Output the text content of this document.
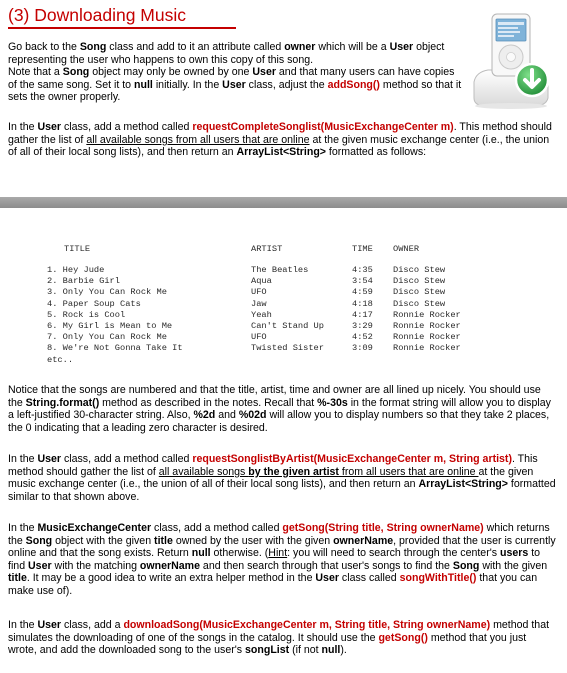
(3) Downloading Music

Go back to the Song class and add to it an attribute called owner which will be a User object representing the user who happens to own this copy of this song.
Note that a Song object may only be owned by one User and that many users can have copies of the same song. Set it to null initially. In the User class, adjust the addSong() method so that it sets the owner properly.

In the User class, add a method called requestCompleteSonglist(MusicExchangeCenter m). This method should gather the list of all available songs from all users that are online at the given music exchange center (i.e., the union of all of their local song lists), and then return an ArrayList<String> formatted as follows:

TITLE	ARTIST	TIME OWNER
1. Hey Jude	The Beatles	4:35 Disco Stew
2. Barbie Girl	Aqua	3:54 Disco Stew
3. Only You Can Rock Me	UFO	4:59 Disco Stew
4. Paper Soup Cats	Jaw	4:18 Disco Stew
5. Rock is Cool	Yeah	4:17 Ronnie Rocker
6. My Girl is Mean to Me	Can't Stand Up	3:29 Ronnie Rocker
7. Only You Can Rock Me	UFO	4:52 Ronnie Rocker
8. We're Not Gonna Take It	Twisted Sister	3:09 Ronnie Rocker
etc..

Notice that the songs are numbered and that the title, artist, time and owner are all lined up nicely. You should use the String.format() method as described in the notes. Recall that %-30s in the format string will allow you to display a left-justified 30-character string. Also, %2d and %02d will allow you to display numbers so that they take 2 places, the 0 indicating that a leading zero character is desired.

In the User class, add a method called requestSonglistByArtist(MusicExchangeCenter m, String artist). This method should gather the list of all available songs by the given artist from all users that are online at the given music exchange center (i.e., the union of all of their local song lists), and then return an ArrayList<String> formatted similar to that shown above.

In the MusicExchangeCenter class, add a method called getSong(String title, String ownerName) which returns the Song object with the given title owned by the user with the given ownerName, provided that the user is currently online and that the song exists. Return null otherwise. (Hint: you will need to search through the center's users to find User with the matching ownerName and then search through that user's songs to find the Song with the given title. It may be a good idea to write an extra helper method in the User class called songWithTitle() that you can make use of).

In the User class, add a downloadSong(MusicExchangeCenter m, String title, String ownerName) method that simulates the downloading of one of the songs in the catalog. It should use the getSong() method that you just wrote, and add the downloaded song to the user's songList (if not null).
